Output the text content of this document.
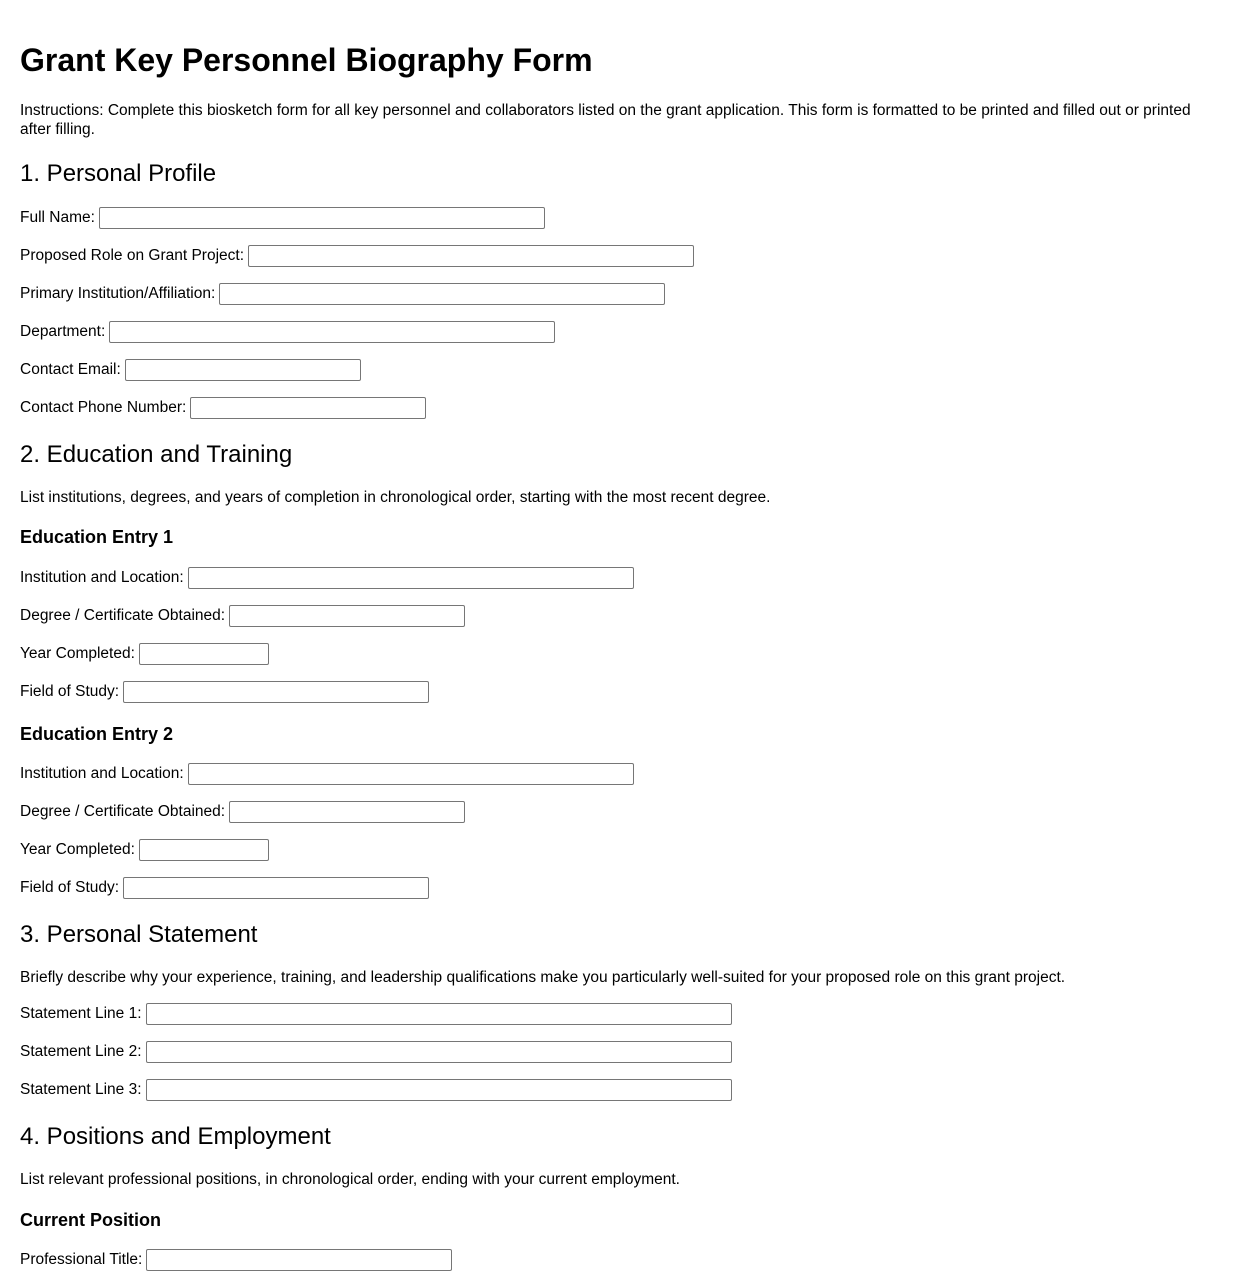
Grant Key Personnel Biography Form

Instructions: Complete this biosketch form for all key personnel and collaborators listed on the grant application. This form is formatted to be printed and filled out or printed after filling.

1. Personal Profile
Full Name:
Proposed Role on Grant Project:
Primary Institution/Affiliation:
Department:
Contact Email:
Contact Phone Number:
2. Education and Training

List institutions, degrees, and years of completion in chronological order, starting with the most recent degree.

Education Entry 1
Institution and Location:
Degree / Certificate Obtained:
Year Completed:
Field of Study:
Education Entry 2
Institution and Location:
Degree / Certificate Obtained:
Year Completed:
Field of Study:
3. Personal Statement

Briefly describe why your experience, training, and leadership qualifications make you particularly well-suited for your proposed role on this grant project.

Statement Line 1:
Statement Line 2:
Statement Line 3:
4. Positions and Employment

List relevant professional positions, in chronological order, ending with your current employment.

Current Position
Professional Title:
